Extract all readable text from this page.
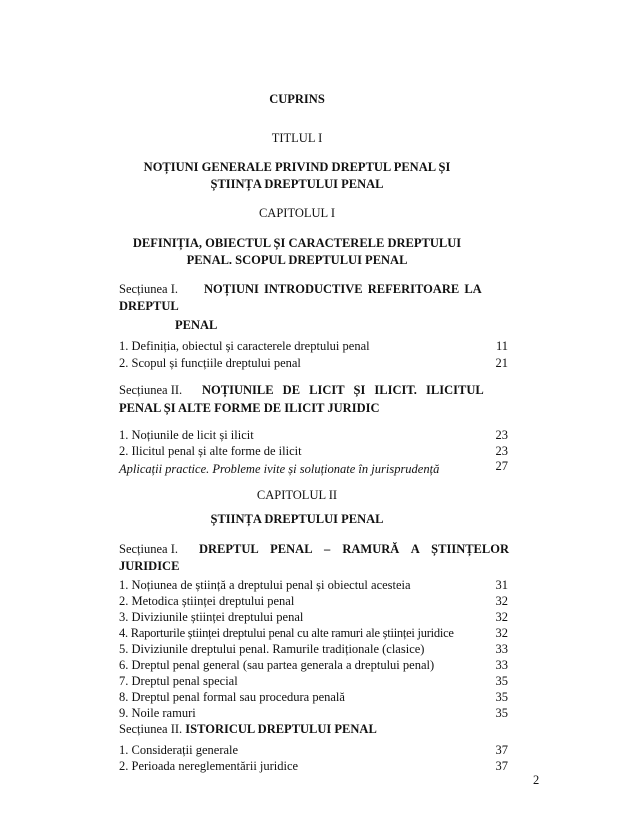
CUPRINS
TITLUL I
NOȚIUNI GENERALE PRIVIND DREPTUL PENAL ȘI
ȘTIINȚA DREPTULUI PENAL
CAPITOLUL I
DEFINIȚIA, OBIECTUL ȘI CARACTERELE DREPTULUI
PENAL. SCOPUL DREPTULUI PENAL
Secțiunea I. NOȚIUNI INTRODUCTIVE REFERITOARE LA
DREPTUL
PENAL
1. Definiția, obiectul și caracterele dreptului penal	11
2. Scopul și funcțiile dreptului penal	21
Secțiunea II. NOȚIUNILE DE LICIT ȘI ILICIT. ILICITUL
PENAL ȘI ALTE FORME DE ILICIT JURIDIC
1. Noțiunile de licit și ilicit	23
2. Ilicitul penal și alte forme de ilicit	23
Aplicații practice. Probleme ivite și soluționate în jurisprudență	27
CAPITOLUL II
ȘTIINȚA DREPTULUI PENAL
Secțiunea I. DREPTUL PENAL – RAMURĂ A ȘTIINȚELOR
JURIDICE
1. Noțiunea de știință a dreptului penal și obiectul acesteia	31
2. Metodica științei dreptului penal	32
3. Diviziunile științei dreptului penal	32
4. Raporturile științei dreptului penal cu alte ramuri ale științei juridice	32
5. Diviziunile dreptului penal. Ramurile tradiționale (clasice)	33
6. Dreptul penal general (sau partea generala a dreptului penal)	33
7. Dreptul penal special	35
8. Dreptul penal formal sau procedura penală	35
9. Noile ramuri	35
Secțiunea II. ISTORICUL DREPTULUI PENAL
1. Considerații generale	37
2. Perioada nereglementării juridice	37
2
